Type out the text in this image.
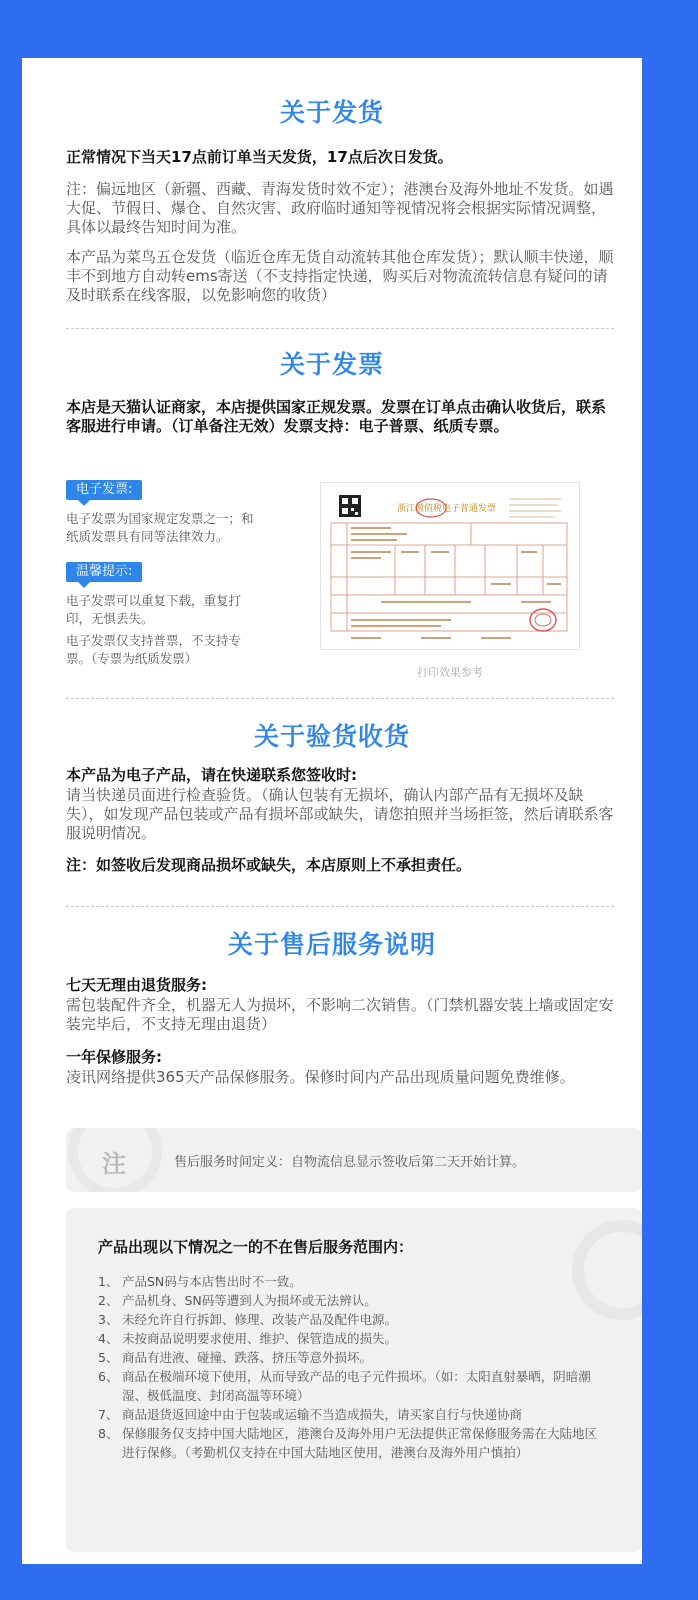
关于发货
正常情况下当天17点前订单当天发货，17点后次日发货。
注：偏远地区（新疆、西藏、青海发货时效不定）；港澳台及海外地址不发货。如遇大促、节假日、爆仓、自然灾害、政府临时通知等视情况将会根据实际情况调整，具体以最终告知时间为准。
本产品为菜鸟五仓发货（临近仓库无货自动流转其他仓库发货）；默认顺丰快递，顺丰不到地方自动转ems寄送（不支持指定快递，购买后对物流流转信息有疑问的请及时联系在线客服，以免影响您的收货）
关于发票
本店是天猫认证商家，本店提供国家正规发票。发票在订单点击确认收货后，联系客服进行申请。（订单备注无效）发票支持：电子普票、纸质专票。
电子发票:
电子发票为国家规定发票之一；和纸质发票具有同等法律效力。
温馨提示:
电子发票可以重复下载，重复打印，无惧丢失。
电子发票仅支持普票，不支持专票。（专票为纸质发票）
浙江增值税电子普通发票
打印效果参考
关于验货收货
本产品为电子产品，请在快递联系您签收时:
请当快递员面进行检查验货。（确认包装有无损坏，确认内部产品有无损坏及缺失），如发现产品包装或产品有损坏部或缺失，请您拍照并当场拒签，然后请联系客服说明情况。
注：如签收后发现商品损坏或缺失，本店原则上不承担责任。
关于售后服务说明
七天无理由退货服务:
需包装配件齐全，机器无人为损坏，不影响二次销售。（门禁机器安装上墙或固定安装完毕后，不支持无理由退货）
一年保修服务:
凌讯网络提供365天产品保修服务。保修时间内产品出现质量问题免费维修。
注	售后服务时间定义：自物流信息显示签收后第二天开始计算。
产品出现以下情况之一的不在售后服务范围内：
1、 产品SN码与本店售出时不一致。
2、 产品机身、SN码等遭到人为损坏或无法辨认。
3、 未经允许自行拆卸、修理、改装产品及配件电源。
4、 未按商品说明要求使用、维护、保管造成的损失。
5、 商品有进液、碰撞、跌落、挤压等意外损坏。
6、 商品在极端环境下使用，从而导致产品的电子元件损坏。（如：太阳直射暴晒，阴暗潮湿、极低温度、封闭高温等环境）
7、 商品退货返回途中由于包装或运输不当造成损失，请买家自行与快递协商
8、 保修服务仅支持中国大陆地区，港澳台及海外用户无法提供正常保修服务需在大陆地区进行保修。（考勤机仅支持在中国大陆地区使用，港澳台及海外用户慎拍）
